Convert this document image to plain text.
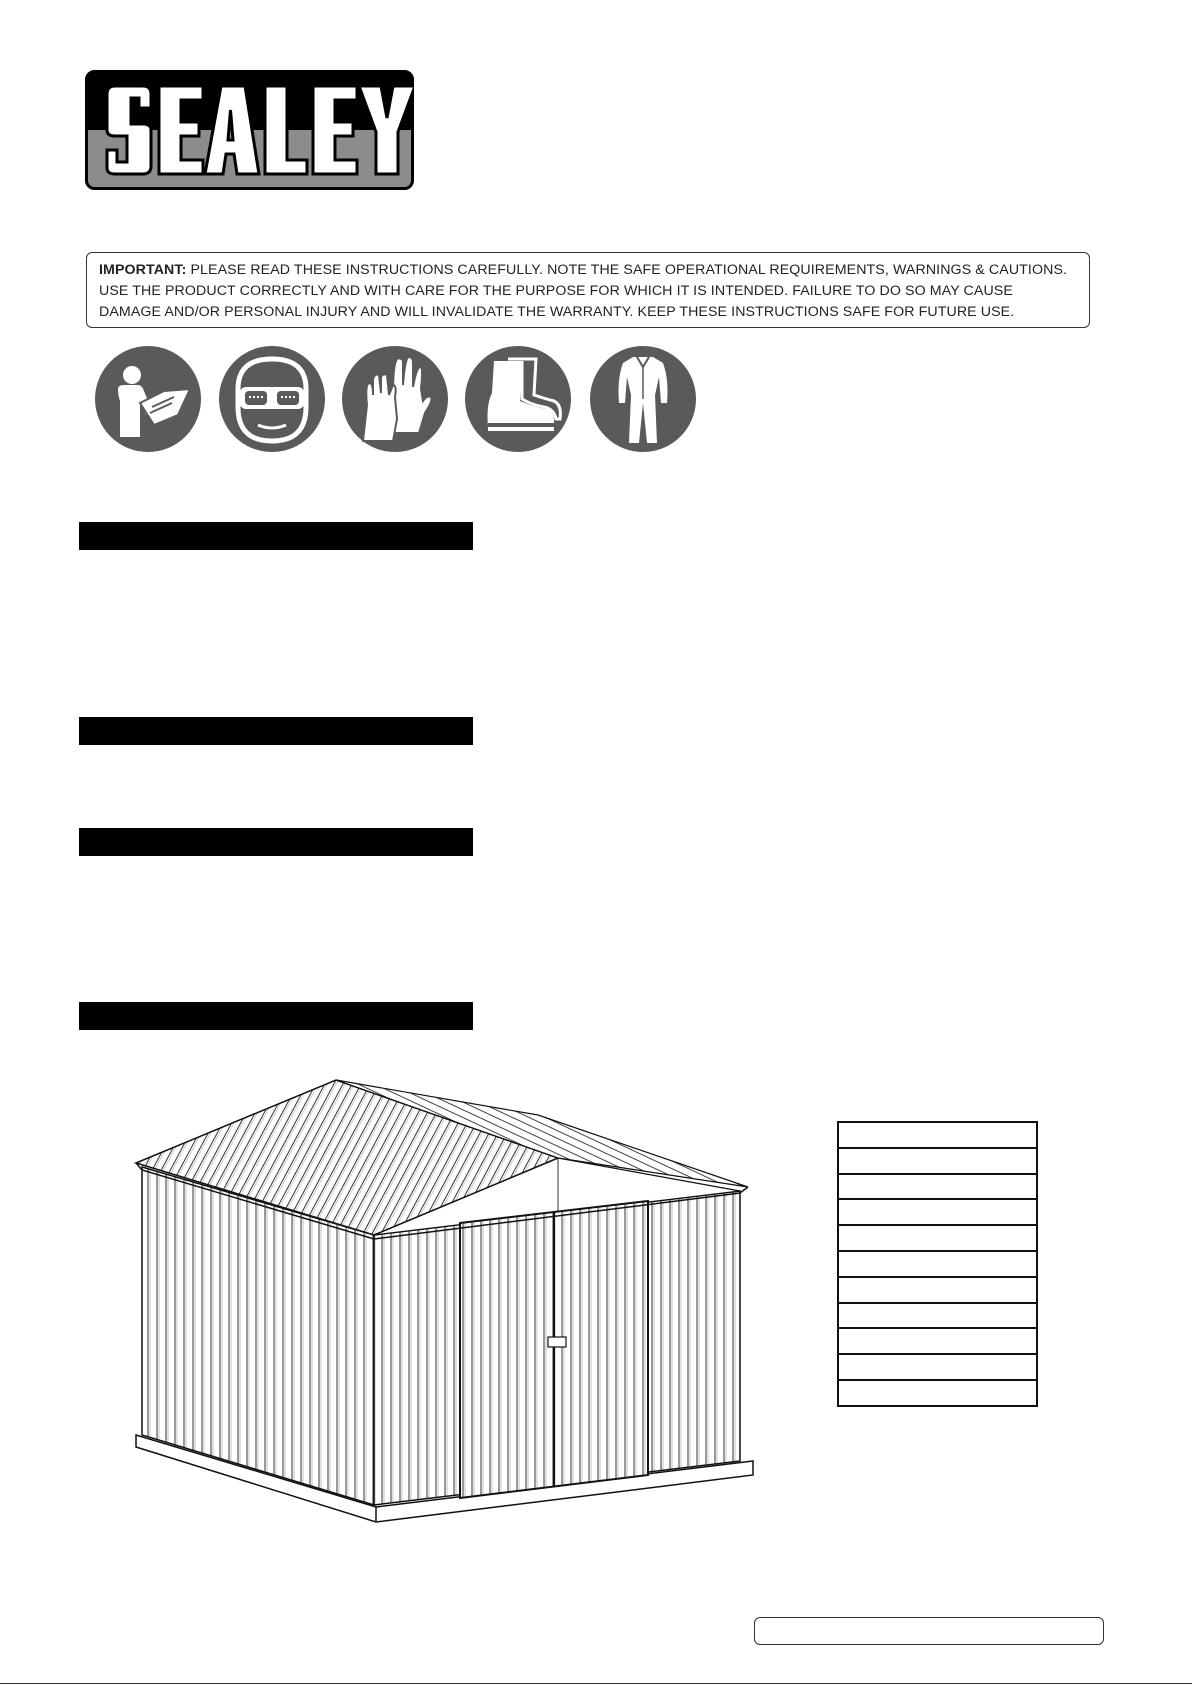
IMPORTANT: PLEASE READ THESE INSTRUCTIONS CAREFULLY. NOTE THE SAFE OPERATIONAL REQUIREMENTS, WARNINGS & CAUTIONS. USE THE PRODUCT CORRECTLY AND WITH CARE FOR THE PURPOSE FOR WHICH IT IS INTENDED. FAILURE TO DO SO MAY CAUSE DAMAGE AND/OR PERSONAL INJURY AND WILL INVALIDATE THE WARRANTY. KEEP THESE INSTRUCTIONS SAFE FOR FUTURE USE.
